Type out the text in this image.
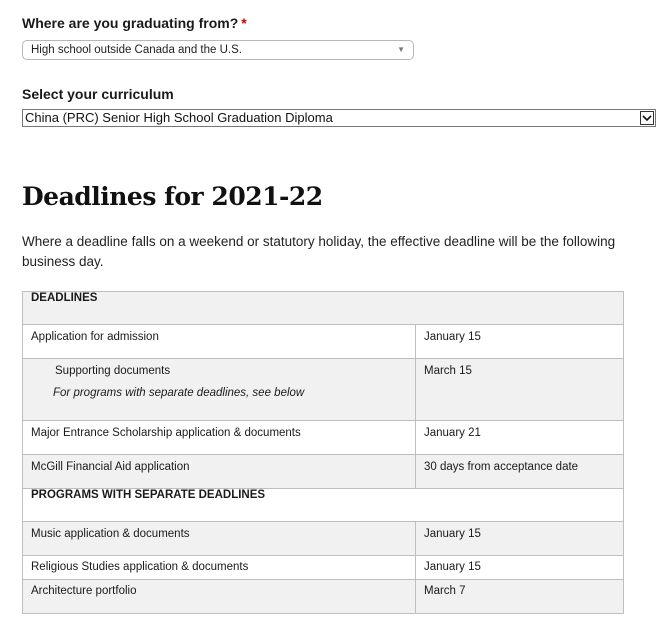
Where are you graduating from? *
High school outside Canada and the U.S.	▼
Select your curriculum
China (PRC) Senior High School Graduation Diploma
Deadlines for 2021-22

Where a deadline falls on a weekend or statutory holiday, the effective deadline will be the following business day.

DEADLINES	
Application for admission	January 15

Supporting documents
For programs with separate deadlines, see below	March 15
Major Entrance Scholarship application & documents	January 21
McGill Financial Aid application	30 days from acceptance date
PROGRAMS WITH SEPARATE DEADLINES	
Music application & documents	January 15
Religious Studies application & documents	January 15
Architecture portfolio	March 7
